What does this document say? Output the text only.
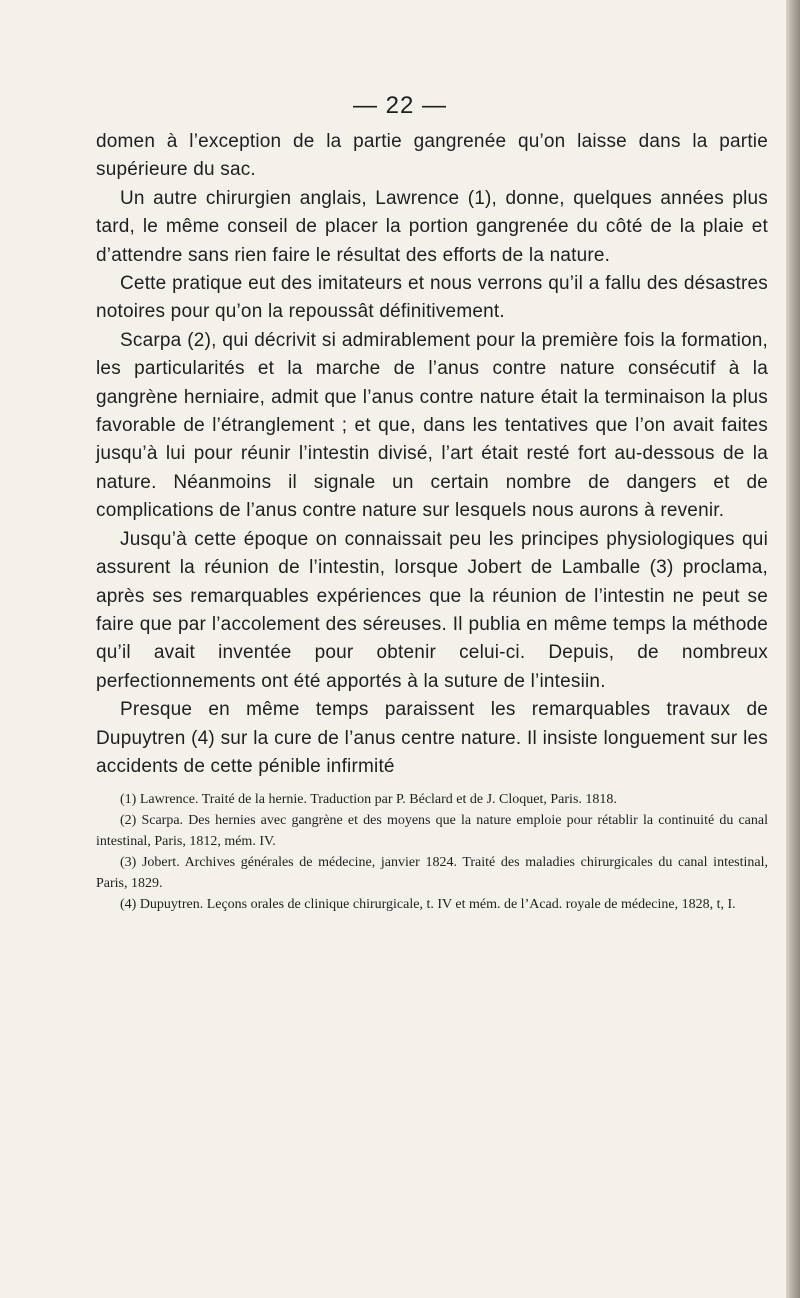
— 22 —

domen à l’exception de la partie gangrenée qu’on laisse dans la partie supérieure du sac.

Un autre chirurgien anglais, Lawrence (1), donne, quelques années plus tard, le même conseil de placer la portion gangrenée du côté de la plaie et d’attendre sans rien faire le résultat des efforts de la nature.

Cette pratique eut des imitateurs et nous verrons qu’il a fallu des désastres notoires pour qu’on la repoussât définitivement.

Scarpa (2), qui décrivit si admirablement pour la première fois la formation, les particularités et la marche de l’anus contre nature consécutif à la gangrène herniaire, admit que l’anus contre nature était la terminaison la plus favorable de l’étranglement ; et que, dans les tentatives que l’on avait faites jusqu’à lui pour réunir l’intestin divisé, l’art était resté fort au-dessous de la nature. Néanmoins il signale un certain nombre de dangers et de complications de l’anus contre nature sur lesquels nous aurons à revenir.

Jusqu’à cette époque on connaissait peu les principes physiologiques qui assurent la réunion de l’intestin, lorsque Jobert de Lamballe (3) proclama, après ses remarquables expériences que la réunion de l’intestin ne peut se faire que par l’accolement des séreuses. Il publia en même temps la méthode qu’il avait inventée pour obtenir celui-ci. Depuis, de nombreux perfectionnements ont été apportés à la suture de l’intesiin.

Presque en même temps paraissent les remarquables travaux de Dupuytren (4) sur la cure de l’anus centre nature. Il insiste longuement sur les accidents de cette pénible infirmité

(1) Lawrence. Traité de la hernie. Traduction par P. Béclard et de J. Cloquet, Paris. 1818.

(2) Scarpa. Des hernies avec gangrène et des moyens que la nature emploie pour rétablir la continuité du canal intestinal, Paris, 1812, mém. IV.

(3) Jobert. Archives générales de médecine, janvier 1824. Traité des maladies chirurgicales du canal intestinal, Paris, 1829.

(4) Dupuytren. Leçons orales de clinique chirurgicale, t. IV et mém. de l’Acad. royale de médecine, 1828, t, I.
